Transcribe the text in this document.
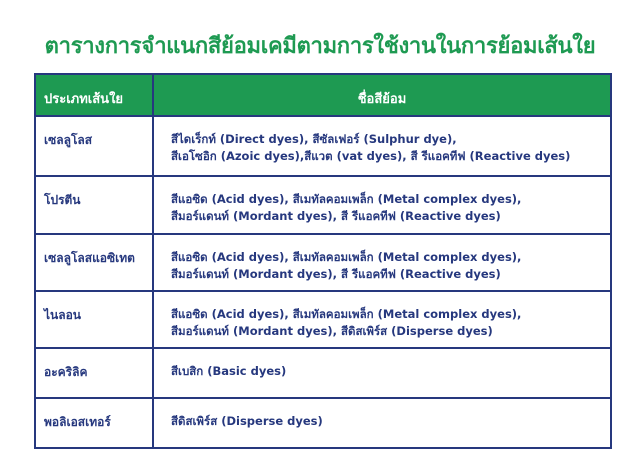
ตารางการจำแนกสีย้อมเคมีตามการใช้งานในการย้อมเส้นใย
ประเภทเส้นใย	ชื่อสีย้อม
เซลลูโลส	สีไดเร็กท์ (Direct dyes), สีซัลเฟอร์ (Sulphur dye),
สีเอโซอิก (Azoic dyes),สีแวต (vat dyes), สี รีแอคทีฟ (Reactive dyes)
โปรตีน	สีแอซิด (Acid dyes), สีเมทัลคอมเพล็ก (Metal complex dyes),
สีมอร์แดนท์ (Mordant dyes), สี รีแอคทีฟ (Reactive dyes)
เซลลูโลสแอซิเทต	สีแอซิด (Acid dyes), สีเมทัลคอมเพล็ก (Metal complex dyes),
สีมอร์แดนท์ (Mordant dyes), สี รีแอคทีฟ (Reactive dyes)
ไนลอน	สีแอซิด (Acid dyes), สีเมทัลคอมเพล็ก (Metal complex dyes),
สีมอร์แดนท์ (Mordant dyes), สีดิสเพิร์ส (Disperse dyes)
อะคริลิค	สีเบสิก (Basic dyes)
พอลิเอสเทอร์	สีดิสเพิร์ส (Disperse dyes)
